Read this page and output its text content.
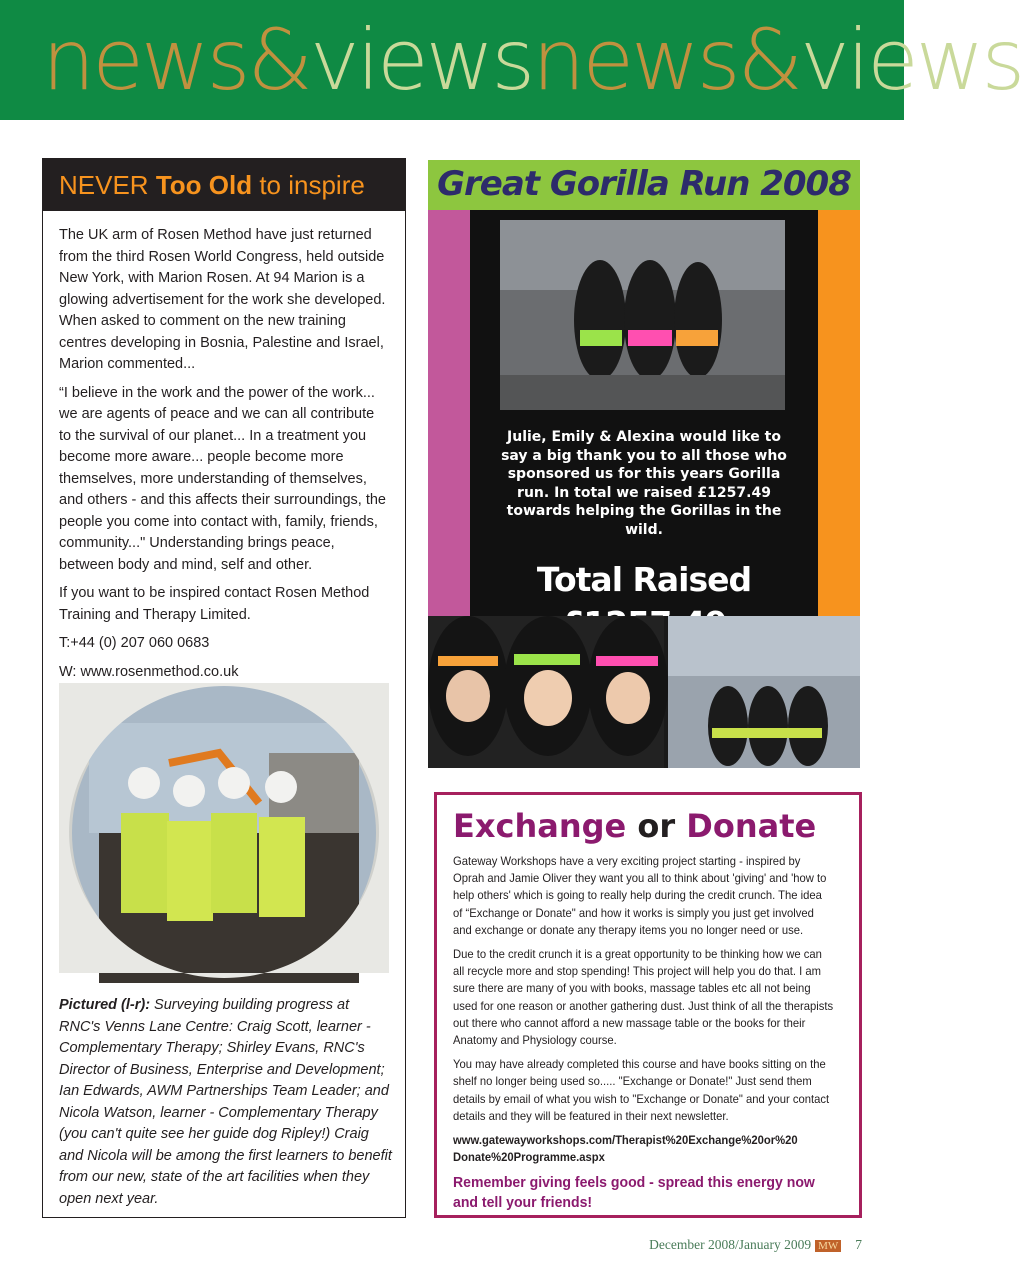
news&viewsnews&views
NEVER Too Old to inspire

The UK arm of Rosen Method have just returned from the third Rosen World Congress, held outside New York, with Marion Rosen. At 94 Marion is a glowing advertisement for the work she developed. When asked to comment on the new training centres developing in Bosnia, Palestine and Israel, Marion commented...

“I believe in the work and the power of the work... we are agents of peace and we can all contribute to the survival of our planet... In a treatment you become more aware... people become more themselves, more understanding of themselves, and others - and this affects their surroundings, the people you come into contact with, family, friends, community..." Understanding brings peace, between body and mind, self and other.

If you want to be inspired contact Rosen Method Training and Therapy Limited.

T:+44 (0) 207 060 0683

W: www.rosenmethod.co.uk

Pictured (l-r): Surveying building progress at RNC's Venns Lane Centre: Craig Scott, learner - Complementary Therapy; Shirley Evans, RNC's Director of Business, Enterprise and Development; Ian Edwards, AWM Partnerships Team Leader; and Nicola Watson, learner - Complementary Therapy (you can't quite see her guide dog Ripley!) Craig and Nicola will be among the first learners to benefit from our new, state of the art facilities when they open next year.
Great Gorilla Run 2008
Julie, Emily & Alexina would like to say a big thank you to all those who sponsored us for this years Gorilla run. In total we raised £1257.49 towards helping the Gorillas in the wild.
Total Raised
Exchange or Donate

Gateway Workshops have a very exciting project starting - inspired by Oprah and Jamie Oliver they want you all to think about 'giving' and 'how to help others' which is going to really help during the credit crunch. The idea of “Exchange or Donate" and how it works is simply you just get involved and exchange or donate any therapy items you no longer need or use.

Due to the credit crunch it is a great opportunity to be thinking how we can all recycle more and stop spending! This project will help you do that. I am sure there are many of you with books, massage tables etc all not being used for one reason or another gathering dust. Just think of all the therapists out there who cannot afford a new massage table or the books for their Anatomy and Physiology course.

You may have already completed this course and have books sitting on the shelf no longer being used so..... "Exchange or Donate!" Just send them details by email of what you wish to "Exchange or Donate" and your contact details and they will be featured in their next newsletter.

www.gatewayworkshops.com/Therapist%20Exchange%20or%20 Donate%20Programme.aspx

Remember giving feels good - spread this energy now and tell your friends!
December 2008/January 2009 MW 7
